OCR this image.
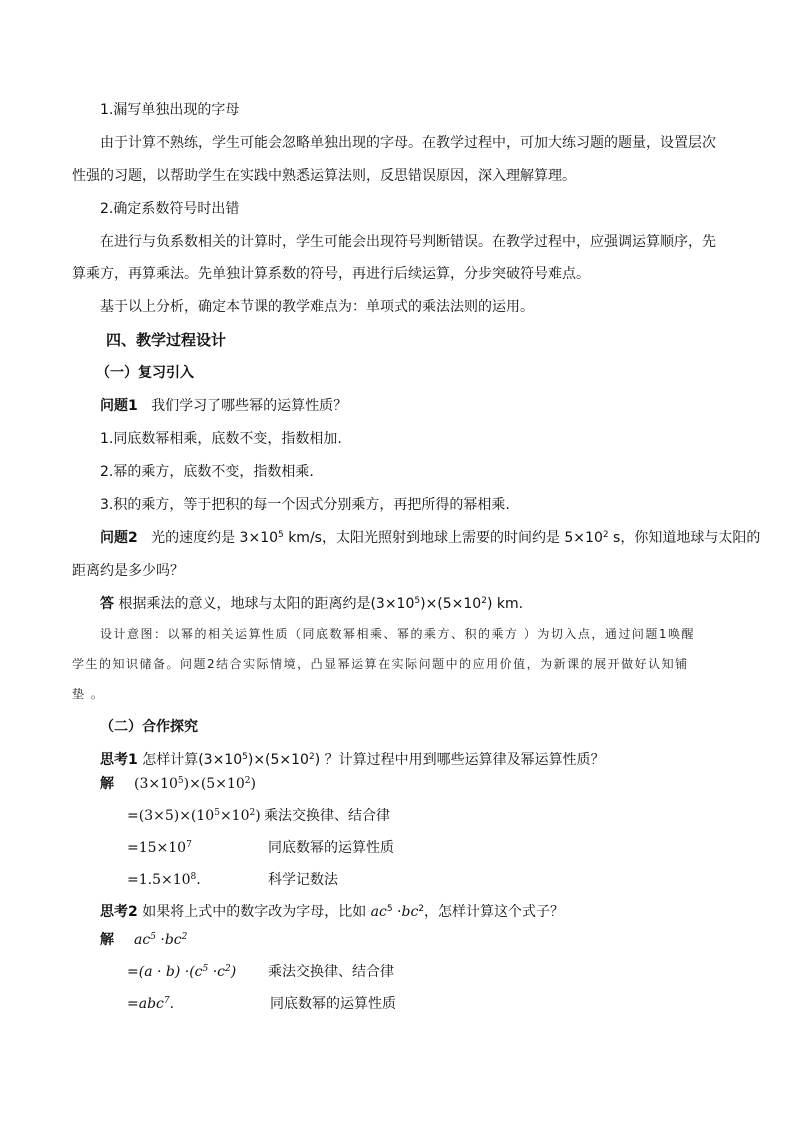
1.漏写单独出现的字母
由于计算不熟练，学生可能会忽略单独出现的字母。在教学过程中，可加大练习题的题量，设置层次
性强的习题，以帮助学生在实践中熟悉运算法则，反思错误原因，深入理解算理。
2.确定系数符号时出错
在进行与负系数相关的计算时，学生可能会出现符号判断错误。在教学过程中，应强调运算顺序，先
算乘方，再算乘法。先单独计算系数的符号，再进行后续运算，分步突破符号难点。
基于以上分析，确定本节课的教学难点为：单项式的乘法法则的运用。
四、教学过程设计
（一）复习引入
问题1 我们学习了哪些幂的运算性质？
1.同底数幂相乘，底数不变，指数相加.
2.幂的乘方，底数不变，指数相乘.
3.积的乘方，等于把积的每一个因式分别乘方，再把所得的幂相乘.
问题2 光的速度约是 $3\times 10^5$ km/s，太阳光照射到地球上需要的时间约是 $5\times 10^2$ s，你知道地球与太阳的
距离约是多少吗？
答 根据乘法的意义，地球与太阳的距离约是$(3\times 10^5)\times(5\times 10^2)$ km.
设计意图：以幂的相关运算性质（同底数幂相乘、幂的乘方、积的乘方 ）为切入点，通过问题1唤醒
学生的知识储备。问题2结合实际情境，凸显幂运算在实际问题中的应用价值，为新课的展开做好认知铺
垫 。
（二）合作探究
思考1 怎样计算$(3\times 10^5)\times(5\times 10^2)$ ？计算过程中用到哪些运算律及幂运算性质？
解 $(3\times 10^5)\times(5\times 10^2)$
$=(3\times 5)\times(10^5\times 10^2)$ 乘法交换律、结合律
$=15\times 10^7$	同底数幂的运算性质
$=1.5\times 10^8$.	科学记数法
思考2 如果将上式中的数字改为字母，比如 $ac^5 \cdot bc^2$，怎样计算这个式子？
解 $ac^5 \cdot bc^2$
$=(a \cdot b) \cdot(c^5 \cdot c^2)$ 乘法交换律、结合律
=abc$^7$.	同底数幂的运算性质
